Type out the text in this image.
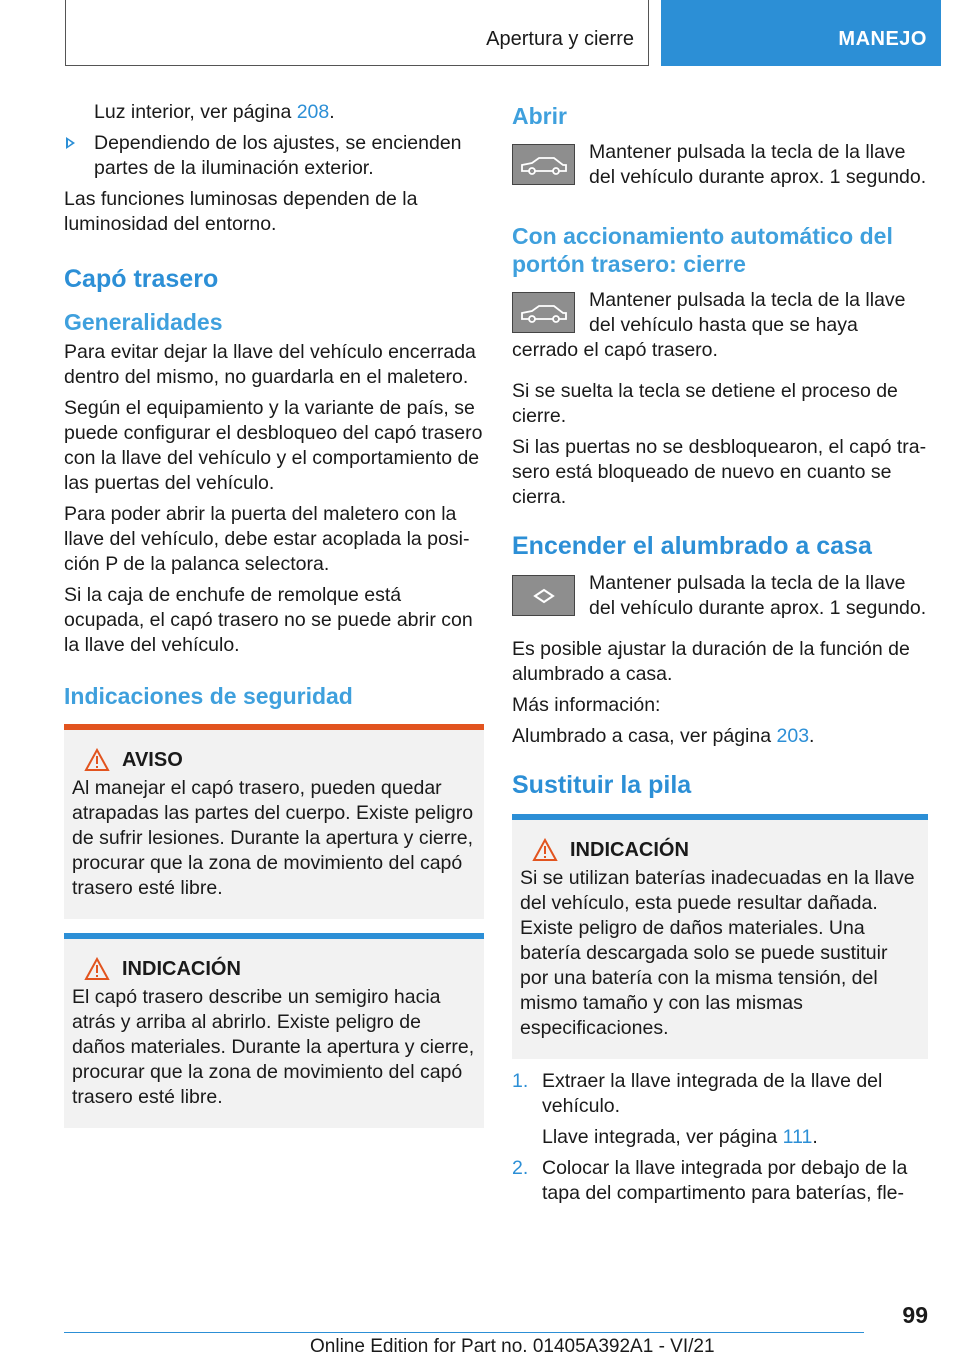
Apertura y cierre	MANEJO

Luz interior, ver página 208.

Dependiendo de los ajustes, se encienden partes de la iluminación exterior.

Las funciones luminosas dependen de la luminosidad del entorno.

Capó trasero
Generalidades

Para evitar dejar la llave del vehículo encerrada dentro del mismo, no guardarla en el maletero.

Según el equipamiento y la variante de país, se puede configurar el desbloqueo del capó trasero con la llave del vehículo y el comportamiento de las puertas del vehículo.

Para poder abrir la puerta del maletero con la llave del vehículo, debe estar acoplada la posición P de la palanca selectora.

Si la caja de enchufe de remolque está ocupada, el capó trasero no se puede abrir con la llave del vehículo.

Indicaciones de seguridad
AVISO

Al manejar el capó trasero, pueden quedar atrapadas las partes del cuerpo. Existe peligro de sufrir lesiones. Durante la apertura y cierre, procurar que la zona de movimiento del capó trasero esté libre.

INDICACIÓN

El capó trasero describe un semigiro hacia atrás y arriba al abrirlo. Existe peligro de daños materiales. Durante la apertura y cierre, procurar que la zona de movimiento del capó trasero esté libre.

Abrir

Mantener pulsada la tecla de la llave del vehículo durante aprox. 1 segundo.

Con accionamiento automático del portón trasero: cierre

Mantener pulsada la tecla de la llave del vehículo hasta que se haya cerrado el capó trasero.

Si se suelta la tecla se detiene el proceso de cierre.

Si las puertas no se desbloquearon, el capó trasero está bloqueado de nuevo en cuanto se cierra.

Encender el alumbrado a casa

Mantener pulsada la tecla de la llave del vehículo durante aprox. 1 segundo.

Es posible ajustar la duración de la función de alumbrado a casa.

Más información:

Alumbrado a casa, ver página 203.

Sustituir la pila
INDICACIÓN

Si se utilizan baterías inadecuadas en la llave del vehículo, esta puede resultar dañada. Existe peligro de daños materiales. Una batería descargada solo se puede sustituir por una batería con la misma tensión, del mismo tamaño y con las mismas especificaciones.

1. Extraer la llave integrada de la llave del vehículo.

Llave integrada, ver página 111.

2. Colocar la llave integrada por debajo de la tapa del compartimento para baterías, fle‐

99
Online Edition for Part no. 01405A392A1 - VI/21
